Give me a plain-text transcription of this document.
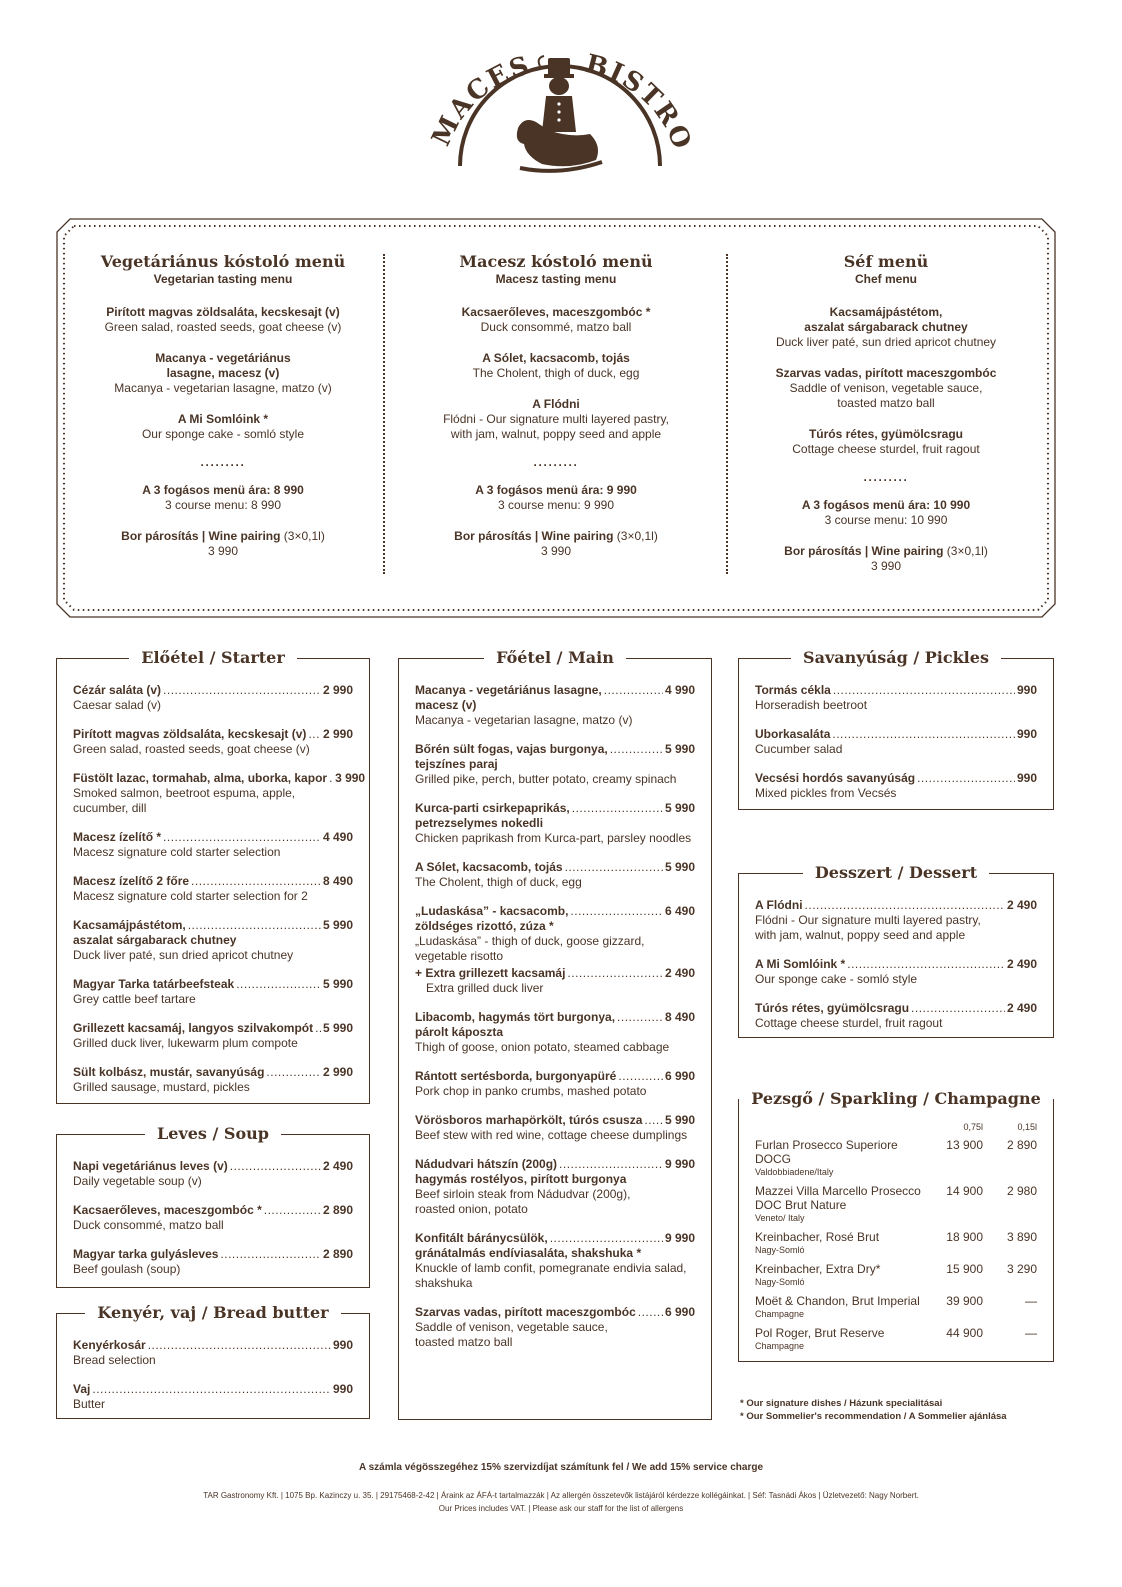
MACES BISTRO
Vegetáriánus kóstoló menü
Vegetarian tasting menu
Pirított magvas zöldsaláta, kecskesajt (v)
Green salad, roasted seeds, goat cheese (v)
Macanya - vegetáriánus
lasagne, macesz (v)
Macanya - vegetarian lasagne, matzo (v)
A Mi Somlóink *
Our sponge cake - somló style
·········
A 3 fogásos menü ára: 8 990
3 course menu: 8 990
Bor párosítás | Wine pairing (3×0,1l)
3 990
Macesz kóstoló menü
Macesz tasting menu
Kacsaerőleves, maceszgombóc *
Duck consommé, matzo ball
A Sólet, kacsacomb, tojás
The Cholent, thigh of duck, egg
A Flódni
Flódni - Our signature multi layered pastry,
with jam, walnut, poppy seed and apple
·········
A 3 fogásos menü ára: 9 990
3 course menu: 9 990
Bor párosítás | Wine pairing (3×0,1l)
3 990
Séf menü
Chef menu
Kacsamájpástétom,
aszalat sárgabarack chutney
Duck liver paté, sun dried apricot chutney
Szarvas vadas, pirított maceszgombóc
Saddle of venison, vegetable sauce,
toasted matzo ball
Túrós rétes, gyümölcsragu
Cottage cheese sturdel, fruit ragout
·········
A 3 fogásos menü ára: 10 990
3 course menu: 10 990
Bor párosítás | Wine pairing (3×0,1l)
3 990
Előétel / Starter
Cézár saláta (v) .....	2 990
Caesar salad (v)
Pirított magvas zöldsaláta, kecskesajt (v) ..... 2 990
Green salad, roasted seeds, goat cheese (v)
Füstölt lazac, tormahab, alma, uborka, kapor ..... 3 990
Smoked salmon, beetroot espuma, apple,
cucumber, dill
Macesz ízelítő * .....	4 490
Macesz signature cold starter selection
Macesz ízelítő 2 főre .....	8 490
Macesz signature cold starter selection for 2
Kacsamájpástétom, .....	5 990
aszalat sárgabarack chutney
Duck liver paté, sun dried apricot chutney
Magyar Tarka tatárbeefsteak .....	5 990
Grey cattle beef tartare
Grillezett kacsamáj, langyos szilvakompót ..... 5 990
Grilled duck liver, lukewarm plum compote
Sült kolbász, mustár, savanyúság .....	2 990
Grilled sausage, mustard, pickles
Leves / Soup
Napi vegetáriánus leves (v) .....	2 490
Daily vegetable soup (v)
Kacsaerőleves, maceszgombóc * .....	2 890
Duck consommé, matzo ball
Magyar tarka gulyásleves .....	2 890
Beef goulash (soup)
Kenyér, vaj / Bread butter
Kenyérkosár .....	990
Bread selection
Vaj .....	990
Butter
Főétel / Main
Macanya - vegetáriánus lasagne, .....	4 990
macesz (v)
Macanya - vegetarian lasagne, matzo (v)
Bőrén sült fogas, vajas burgonya, .....	5 990
tejszínes paraj
Grilled pike, perch, butter potato, creamy spinach
Kurca-parti csirkepaprikás, .....	5 990
petrezselymes nokedli
Chicken paprikash from Kurca-part, parsley noodles
A Sólet, kacsacomb, tojás .....	5 990
The Cholent, thigh of duck, egg
„Ludaskása” - kacsacomb, .....	6 490
zöldséges rizottó, zúza *
„Ludaskása” - thigh of duck, goose gizzard,
vegetable risotto
+ Extra grillezett kacsamáj .....	2 490
Extra grilled duck liver
Libacomb, hagymás tört burgonya, .....	8 490
párolt káposzta
Thigh of goose, onion potato, steamed cabbage
Rántott sertésborda, burgonyapüré .....	6 990
Pork chop in panko crumbs, mashed potato
Vörösboros marhapörkölt, túrós csusza ..... 5 990
Beef stew with red wine, cottage cheese dumplings
Nádudvari hátszín (200g) .....	9 990
hagymás rostélyos, pirított burgonya
Beef sirloin steak from Nádudvar (200g),
roasted onion, potato
Konfitált báránycsülök, .....	9 990
gránátalmás endíviasaláta, shakshuka *
Knuckle of lamb confit, pomegranate endivia salad,
shakshuka
Szarvas vadas, pirított maceszgombóc ..... 6 990
Saddle of venison, vegetable sauce,
toasted matzo ball
Savanyúság / Pickles
Tormás cékla .....	990
Horseradish beetroot
Uborkasaláta .....	990
Cucumber salad
Vecsési hordós savanyúság .....	990
Mixed pickles from Vecsés
Desszert / Dessert
A Flódni .....	2 490
Flódni - Our signature multi layered pastry,
with jam, walnut, poppy seed and apple
A Mi Somlóink * .....	2 490
Our sponge cake - somló style
Túrós rétes, gyümölcsragu .....	2 490
Cottage cheese sturdel, fruit ragout
Pezsgő / Sparkling / Champagne
0,75l	0,15l
Furlan Prosecco Superiore DOCG
Valdobbiadene/Italy
13 900	2 890
Mazzei Villa Marcello Prosecco
DOC Brut Nature
Veneto/ Italy
14 900	2 980
Kreinbacher, Rosé Brut
Nagy-Somló
18 900	3 890
Kreinbacher, Extra Dry*
Nagy-Somló
15 900	3 290
Moët & Chandon, Brut Imperial
Champagne
39 900	—
Pol Roger, Brut Reserve
Champagne
44 900	—
* Our signature dishes / Házunk specialitásai
* Our Sommelier's recommendation / A Sommelier ajánlása
A számla végösszegéhez 15% szervizdíjat számítunk fel / We add 15% service charge
TAR Gastronomy Kft. | 1075 Bp. Kazinczy u. 35. | 29175468-2-42 | Áraink az ÁFÁ-t tartalmazzák | Az allergén összetevők listájáról kérdezze kollégáinkat. | Séf: Tasnádi Ákos | Üzletvezető: Nagy Norbert.
Our Prices includes VAT. | Please ask our staff for the list of allergens
